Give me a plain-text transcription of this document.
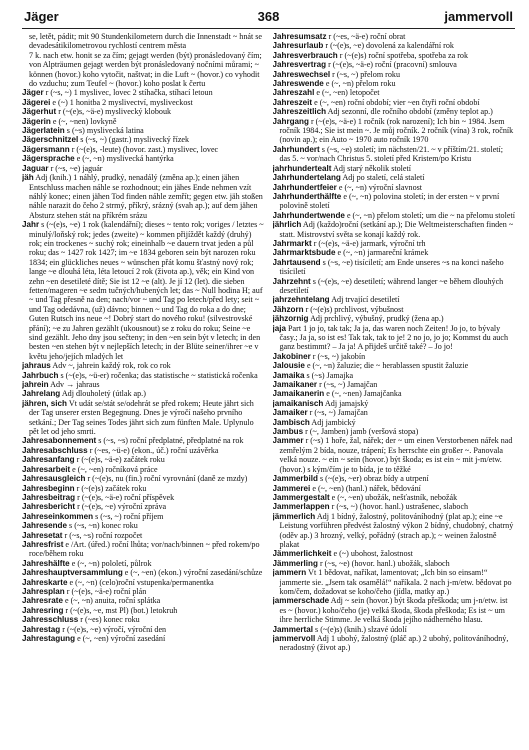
Jäger	368	jammervoll

se, letět, pádit; mit 90 Stundenkilometern durch die Innenstadt ~ hnát se devadesátikilometrovou rychlostí centrem města

7 k. nach etw. honit se za čím; gejagt werden (být) pronásledovaný čím; von Alpträumen gejagt werden být pronásledovaný nočními můrami; ~ können (hovor.) koho vytočit, naštvat; in die Luft ~ (hovor.) co vyhodit do vzduchu; zum Teufel ~ (hovor.) koho poslat k čertu

Jäger r (~s, ~) 1 myslivec, lovec 2 stíhačka, stíhací letoun

Jägerei e (~) 1 honitba 2 myslivectví, mysliveckost

Jägerhut r (~(e)s, ~ä-e) myslivecký klobouk

Jägerin e (~, ~nen) lovkyně

Jägerlatein s (~s) myslivecká latina

Jägerschnitzel s (~s, ~) (gastr.) myslivecký řízek

Jägersmann r (~(e)s, -leute) (hovor. zast.) myslivec, lovec

Jägersprache e (~, ~n) myslivecká hantýrka

Jaguar r (~s, ~e) jaguár

jäh Adj (knih.) 1 náhlý, prudký, nenadálý (změna ap.); einen jähen Entschluss machen náhle se rozhodnout; ein jähes Ende nehmen vzít náhlý konec; einen jähen Tod finden náhle zemřít; gegen etw. jäh stoßen náhle narazit do čeho 2 strmý, příkrý, srázný (svah ap.); auf dem jähen Absturz stehen stát na příkrém srázu

Jahr s (~(e)s, ~e) 1 rok (kalendářní); dieses ~ tento rok; voriges / letztes ~ minulý/loňský rok; jedes (zweite) ~ kommen přijíždět každý (druhý) rok; ein trockenes ~ suchý rok; eineinhalb ~e dauern trvat jeden a půl roku; das ~ 1427 rok 1427; im ~e 1834 geboren sein být narozen roku 1834; ein glückliches neues ~ wünschen přát komu šťastný nový rok; lange ~e dlouhá léta, léta letoucí 2 rok (života ap.), věk; ein Kind von zehn ~en desetileté dítě; Sie ist 12 ~e (alt). Je jí 12 (let). die sieben fetten/mageren ~e sedm tučných/hubených let; das ~ Null hodina H; auf ~ und Tag přesně na den; nach/vor ~ und Tag po letech/před lety; seit ~ und Tag odedávna, (už) dávno; binnen ~ und Tag do roka a do dne; Guten Rutsch ins neue ~! Dobrý start do nového roku! (silvestrovské přání); ~e zu Jahren gezählt (ukousnout) se z roku do roku; Seine ~e sind gezählt. Jeho dny jsou sečteny; in den ~en sein být v letech; in den besten ~en stehen být v nejlepších letech; in der Blüte seiner/ihrer ~e v květu jeho/jejích mladých let

jahraus Adv ~, jahrein každý rok, rok co rok

Jahrbuch s (~(e)s, ~ü-er) ročenka; das statistische ~ statistická ročenka

jahrein Adv → jahraus

Jahrelang Adj dlouholetý (útlak ap.)

jähren, sich Vt udát se/stát se/odehrát se před rokem; Heute jährt sich der Tag unserer ersten Begegnung. Dnes je výročí našeho prvního setkání.; Der Tag seines Todes jährt sich zum fünften Male. Uplynulo pět let od jeho smrti.

Jahresabonnement s (~s, ~s) roční předplatné, předplatné na rok

Jahresabschluss r (~es, ~ü-e) (ekon., úč.) roční uzávěrka

Jahresanfang r (~(e)s, ~ä-e) začátek roku

Jahresarbeit e (~, ~en) ročníková práce

Jahresausgleich r (~(e)s, nu (fin.) roční vyrovnání (daně ze mzdy)

Jahresbeginn r (~(e)s) začátek roku

Jahresbeitrag r (~(e)s, ~ä-e) roční příspěvek

Jahresbericht r (~(e)s, ~e) výroční zpráva

Jahreseinkommen s (~s, ~) roční příjem

Jahresende s (~s, ~n) konec roku

Jahresetat r (~s, ~s) roční rozpočet

Jahresfrist e /Art. (úřed.) roční lhůta; vor/nach/binnen ~ před rokem/po roce/během roku

Jahreshälfte e (~, ~n) pololetí, půlrok

Jahreshauptversammlung e (~, ~en) (ekon.) výroční zasedání/schůze

Jahreskarte e (~, ~n) (celo)roční vstupenka/permanentka

Jahresplan r (~(e)s, ~ä-e) roční plán

Jahresrate e (~, ~n) anuita, roční splátka

Jahresring r (~(e)s, ~e, mst Pl) (bot.) letokruh

Jahresschluss r (~es) konec roku

Jahrestag r (~(e)s, ~e) výročí, výroční den

Jahrestagung e (~, ~en) výroční zasedání

Jahresumsatz r (~es, ~ä-e) roční obrat

Jahresurlaub r (~(e)s, ~e) dovolená za kalendářní rok

Jahresverbrauch r (~(e)s) roční spotřeba, spotřeba za rok

Jahresvertrag r (~(e)s, ~ä-e) roční (pracovní) smlouva

Jahreswechsel r (~s, ~) přelom roku

Jahreswende e (~, ~n) přelom roku

Jahreszahl e (~, ~en) letopočet

Jahreszeit e (~, ~en) roční období; vier ~en čtyři roční období

Jahreszeitlich Adj sezonní, dle ročního období (změny teplot ap.)

Jahrgang r (~(e)s, ~ä-e) 1 ročník (rok narození); Ich bin ~ 1984. Jsem ročník 1984.; Sie ist mein ~. Je můj ročník. 2 ročník (vína) 3 rok, ročník (novin ap.); ein Auto ~ 1970 auto ročník 1970

Jahrhundert s (~s, ~e) století; im nächsten/21. ~ v příštím/21. století; das 5. ~ vor/nach Christus 5. století před Kristem/po Kristu

jahrhundertealt Adj starý několik století

Jahrhundertelang Adj po staletí, celá staletí

Jahrhundertfeier e (~, ~n) výroční slavnost

Jahrhunderthälfte e (~, ~n) polovina století; in der ersten ~ v první polovině století

Jahrhundertwende e (~, ~n) přelom století; um die ~ na přelomu století

jährlich Adj (každo)roční (setkání ap.); Die Weltmeisterschaften finden ~ statt. Mistrovství světa se konají každý rok.

Jahrmarkt r (~(e)s, ~ä-e) jarmark, výroční trh

Jahrmarktsbude e (~, ~n) jarmareční krámek

Jahrtausend s (~s, ~e) tisíciletí; am Ende unseres ~s na konci našeho tisíciletí

Jahrzehnt s (~(e)s, ~e) desetiletí; während langer ~e během dlouhých desetiletí

jahrzehntelang Adj trvající desetiletí

Jähzorn r (~(e)s) prchlivost, výbušnost

jähzornig Adj prchlivý, výbušný, prudký (žena ap.)

jaja Part 1 jo jo, tak tak; Ja ja, das waren noch Zeiten! Jo jo, to bývaly časy.; Ja ja, so ist es! Tak tak, tak to je! 2 no jo, jo jo; Kommst du auch ganz bestimmt? – Ja ja! A přijdeš určitě také? – Jo jo!

Jakobiner r (~s, ~) jakobín

Jalousie e (~, ~n) žaluzie; die ~ herablassen spustit žaluzie

Jamaika s (~s) Jamajka

Jamaikaner r (~s, ~) Jamajčan

Jamaikanerin e (~, ~nen) Jamajčanka

jamaikanisch Adj jamajský

Jamaiker r (~s, ~) Jamajčan

Jambisch Adj jambický

Jambus r (~, Jamben) jamb (veršová stopa)

Jammer r (~s) 1 hoře, žal, nářek; der ~ um einen Verstorbenen nářek nad zemřelým 2 bída, nouze, trápení; Es herrschte ein großer ~. Panovala velká nouze. ~ ein ~ sein (hovor.) být škoda; es ist ein ~ mit j-m/etw. (hovor.) s kým/čím je to bída, je to těžké

Jammerbild s (~(e)s, ~er) obraz bídy a utrpení

Jammerei e (~, ~en) (hanl.) nářek, bědování

Jammergestalt e (~, ~en) ubožák, nešťastník, nebožák

Jammerlappen r (~s, ~) (hovor. hanl.) ustrašenec, slaboch

jämmerlich Adj 1 bídný, žalostný, politováníhodný (plat ap.); eine ~e Leistung vorführen předvést žalostný výkon 2 bídný, chudobný, chatrný (oděv ap.) 3 hrozný, velký, pořádný (strach ap.); ~ weinen žalostně plakat

Jämmerlichkeit e (~) ubohost, žalostnost

Jämmerling r (~s, ~e) (hovor. hanl.) ubožák, slaboch

jammern Vt 1 bědovat, naříkat, lamentovat; „Ich bin so einsam!“ jammerte sie. „Jsem tak osamělá!“ naříkala. 2 nach j-m/etw. bědovat po kom/čem, dožadovat se koho/čeho (jídla, matky ap.)

jammerschade Adj ~ sein (hovor.) být škoda přeškoda; um j-n/etw. ist es ~ (hovor.) koho/čeho (je) velká škoda, škoda přeškoda; Es ist ~ um ihre herrliche Stimme. Je velká škoda jejího nádherného hlasu.

Jammertal s (~(e)s) (knih.) slzavé údolí

jammervoll Adj 1 ubohý, žalostný (pláč ap.) 2 ubohý, politováníhodný, neradostný (život ap.)
